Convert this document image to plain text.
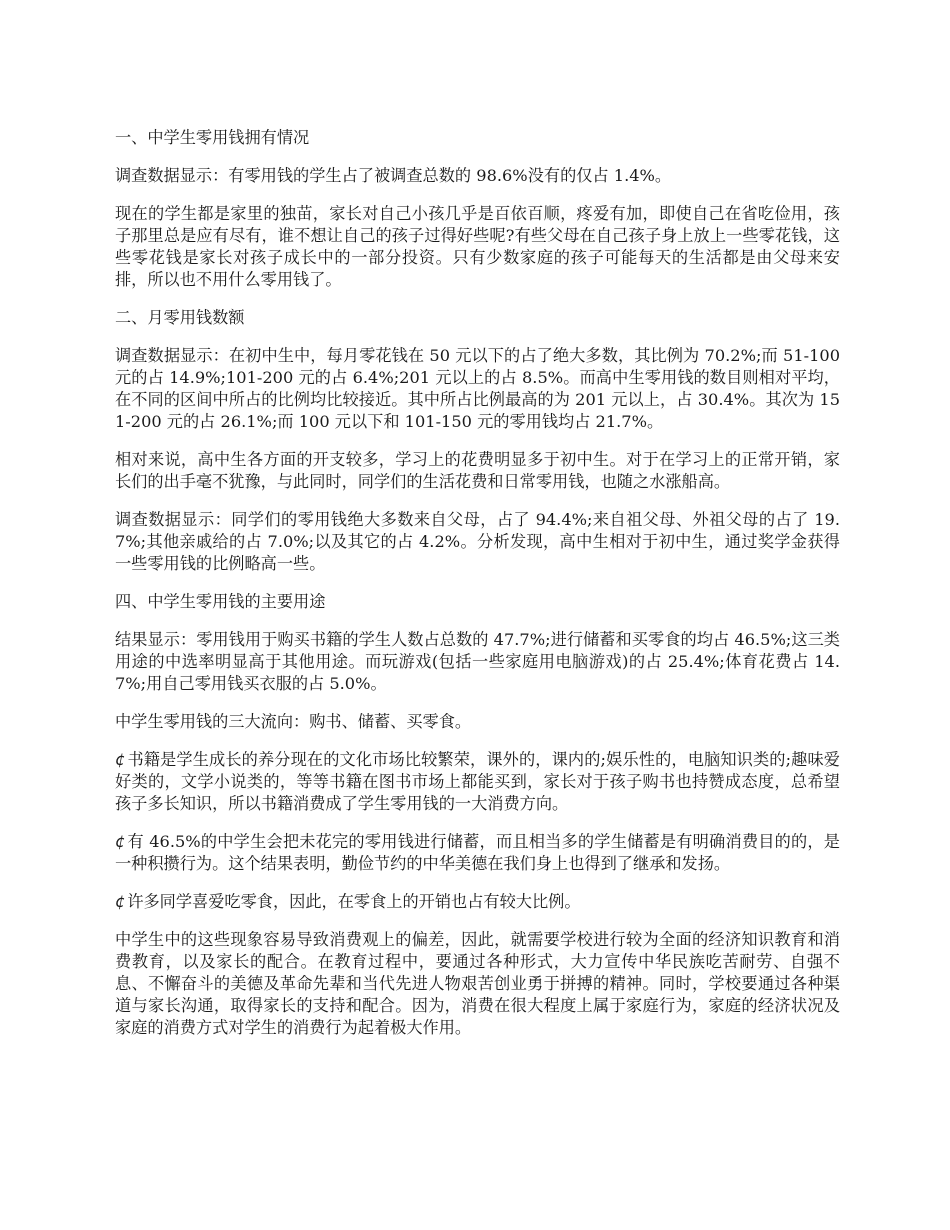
一、中学生零用钱拥有情况

调查数据显示：有零用钱的学生占了被调查总数的 98.6%没有的仅占 1.4%。

现在的学生都是家里的独苗，家长对自己小孩几乎是百依百顺，疼爱有加，即使自己在省吃俭用，孩子那里总是应有尽有，谁不想让自己的孩子过得好些呢?有些父母在自己孩子身上放上一些零花钱，这些零花钱是家长对孩子成长中的一部分投资。只有少数家庭的孩子可能每天的生活都是由父母来安排，所以也不用什么零用钱了。

二、月零用钱数额

调查数据显示：在初中生中，每月零花钱在 50 元以下的占了绝大多数，其比例为 70.2%;而 51-100 元的占 14.9%;101-200 元的占 6.4%;201 元以上的占 8.5%。而高中生零用钱的数目则相对平均，在不同的区间中所占的比例均比较接近。其中所占比例最高的为 201 元以上，占 30.4%。其次为 151-200 元的占 26.1%;而 100 元以下和 101-150 元的零用钱均占 21.7%。

相对来说，高中生各方面的开支较多，学习上的花费明显多于初中生。对于在学习上的正常开销，家长们的出手毫不犹豫，与此同时，同学们的生活花费和日常零用钱，也随之水涨船高。

调查数据显示：同学们的零用钱绝大多数来自父母，占了 94.4%;来自祖父母、外祖父母的占了 19.7%;其他亲戚给的占 7.0%;以及其它的占 4.2%。分析发现，高中生相对于初中生，通过奖学金获得一些零用钱的比例略高一些。

四、中学生零用钱的主要用途

结果显示：零用钱用于购买书籍的学生人数占总数的 47.7%;进行储蓄和买零食的均占 46.5%;这三类用途的中选率明显高于其他用途。而玩游戏(包括一些家庭用电脑游戏)的占 25.4%;体育花费占 14.7%;用自己零用钱买衣服的占 5.0%。

中学生零用钱的三大流向：购书、储蓄、买零食。

¢ 书籍是学生成长的养分现在的文化市场比较繁荣，课外的，课内的;娱乐性的，电脑知识类的;趣味爱好类的，文学小说类的，等等书籍在图书市场上都能买到，家长对于孩子购书也持赞成态度，总希望孩子多长知识，所以书籍消费成了学生零用钱的一大消费方向。

¢ 有 46.5%的中学生会把未花完的零用钱进行储蓄，而且相当多的学生储蓄是有明确消费目的的，是一种积攒行为。这个结果表明，勤俭节约的中华美德在我们身上也得到了继承和发扬。

¢ 许多同学喜爱吃零食，因此，在零食上的开销也占有较大比例。

中学生中的这些现象容易导致消费观上的偏差，因此，就需要学校进行较为全面的经济知识教育和消费教育，以及家长的配合。在教育过程中，要通过各种形式，大力宣传中华民族吃苦耐劳、自强不息、不懈奋斗的美德及革命先辈和当代先进人物艰苦创业勇于拼搏的精神。同时，学校要通过各种渠道与家长沟通，取得家长的支持和配合。因为，消费在很大程度上属于家庭行为，家庭的经济状况及家庭的消费方式对学生的消费行为起着极大作用。
